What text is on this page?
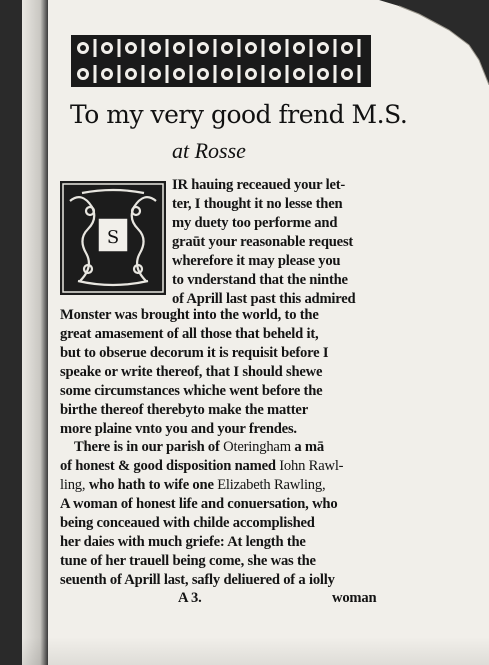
To my very good frend M.S.
at Rosse
S
IR hauing receaued your let-
ter, I thought it no lesse then
my duety too performe and
graūt your reasonable request
wherefore it may please you
to vnderstand that the ninthe
of Aprill last past this admired
Monster was brought into the world, to the
great amasement of all those that beheld it,
but to obserue decorum it is requisit before I
speake or write thereof, that I should shewe
some circumstances whiche went before the
birthe thereof therebyto make the matter
more plaine vnto you and your frendes.
There is in our parish of Oteringham a mā
of honest & good disposition named Iohn Rawl-
ling, who hath to wife one Elizabeth Rawling,
A woman of honest life and conuersation, who
being conceaued with childe accomplished
her daies with much griefe: At length the
tune of her trauell being come, she was the
seuenth of Aprill last, safly deliuered of a iolly
A 3.	woman
